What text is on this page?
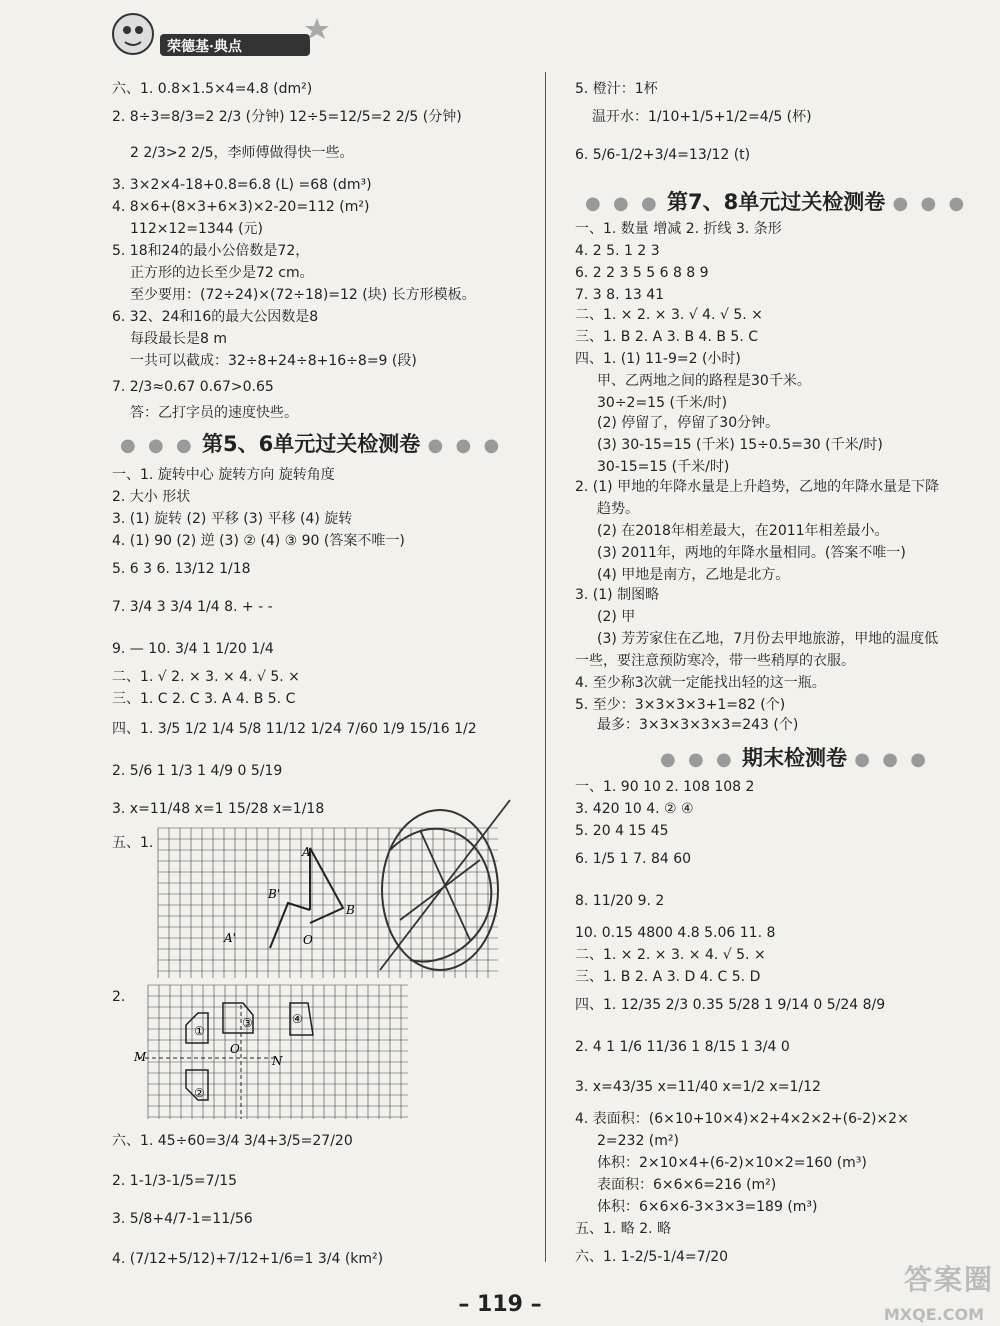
荣德基·典点
六、1. 0.8×1.5×4=4.8 (dm²)
2. 8÷3=8/3=2 2/3 (分钟) 12÷5=12/5=2 2/5 (分钟)
2 2/3>2 2/5，李师傅做得快一些。
3. 3×2×4-18+0.8=6.8 (L) =68 (dm³)
4. 8×6+(8×3+6×3)×2-20=112 (m²)
112×12=1344 (元)
5. 18和24的最小公倍数是72，
正方形的边长至少是72 cm。
至少要用：(72÷24)×(72÷18)=12 (块) 长方形模板。
6. 32、24和16的最大公因数是8
每段最长是8 m
一共可以截成：32÷8+24÷8+16÷8=9 (段)
7. 2/3≈0.67 0.67>0.65
答：乙打字员的速度快些。
● ● ● 第5、6单元过关检测卷 ● ● ●
一、1. 旋转中心 旋转方向 旋转角度
2. 大小 形状
3. (1) 旋转 (2) 平移 (3) 平移 (4) 旋转
4. (1) 90 (2) 逆 (3) ② (4) ③ 90 (答案不唯一)
5. 6 3 6. 13/12 1/18
7. 3/4 3 3/4 1/4 8. + - -
9. — 10. 3/4 1 1/20 1/4
二、1. √ 2. × 3. × 4. √ 5. ×
三、1. C 2. C 3. A 4. B 5. C
四、1. 3/5 1/2 1/4 5/8 11/12 1/24 7/60 1/9 15/16 1/2
2. 5/6 1 1/3 1 4/9 0 5/19
3. x=11/48 x=1 15/28 x=1/18
五、1.
A
B'
B
A'	O
2.
①
③	④
O
M	N
②
六、1. 45÷60=3/4 3/4+3/5=27/20
2. 1-1/3-1/5=7/15
3. 5/8+4/7-1=11/56
4. (7/12+5/12)+7/12+1/6=1 3/4 (km²)
5. 橙汁：1杯
温开水：1/10+1/5+1/2=4/5 (杯)
6. 5/6-1/2+3/4=13/12 (t)
● ● ● 第7、8单元过关检测卷 ● ● ●
一、1. 数量 增减 2. 折线 3. 条形
4. 2 5. 1 2 3
6. 2 2 3 5 5 6 8 8 9
7. 3 8. 13 41
二、1. × 2. × 3. √ 4. √ 5. ×
三、1. B 2. A 3. B 4. B 5. C
四、1. (1) 11-9=2 (小时)
甲、乙两地之间的路程是30千米。
30÷2=15 (千米/时)
(2) 停留了，停留了30分钟。
(3) 30-15=15 (千米) 15÷0.5=30 (千米/时)
30-15=15 (千米/时)
2. (1) 甲地的年降水量是上升趋势，乙地的年降水量是下降
趋势。
(2) 在2018年相差最大，在2011年相差最小。
(3) 2011年，两地的年降水量相同。(答案不唯一)
(4) 甲地是南方，乙地是北方。
3. (1) 制图略
(2) 甲
(3) 芳芳家住在乙地，7月份去甲地旅游，甲地的温度低
一些，要注意预防寒冷，带一些稍厚的衣服。
4. 至少称3次就一定能找出轻的这一瓶。
5. 至少：3×3×3×3+1=82 (个)
最多：3×3×3×3×3=243 (个)
● ● ● 期末检测卷 ● ● ●
一、1. 90 10 2. 108 108 2
3. 420 10 4. ② ④
5. 20 4 15 45
6. 1/5 1 7. 84 60
8. 11/20 9. 2
10. 0.15 4800 4.8 5.06 11. 8
二、1. × 2. × 3. × 4. √ 5. ×
三、1. B 2. A 3. D 4. C 5. D
四、1. 12/35 2/3 0.35 5/28 1 9/14 0 5/24 8/9
2. 4 1 1/6 11/36 1 8/15 1 3/4 0
3. x=43/35 x=11/40 x=1/2 x=1/12
4. 表面积：(6×10+10×4)×2+4×2×2+(6-2)×2×
2=232 (m²)
体积：2×10×4+(6-2)×10×2=160 (m³)
表面积：6×6×6=216 (m²)
体积：6×6×6-3×3×3=189 (m³)
五、1. 略 2. 略
六、1. 1-2/5-1/4=7/20
– 119 –
答案圈
MXQE.COM
